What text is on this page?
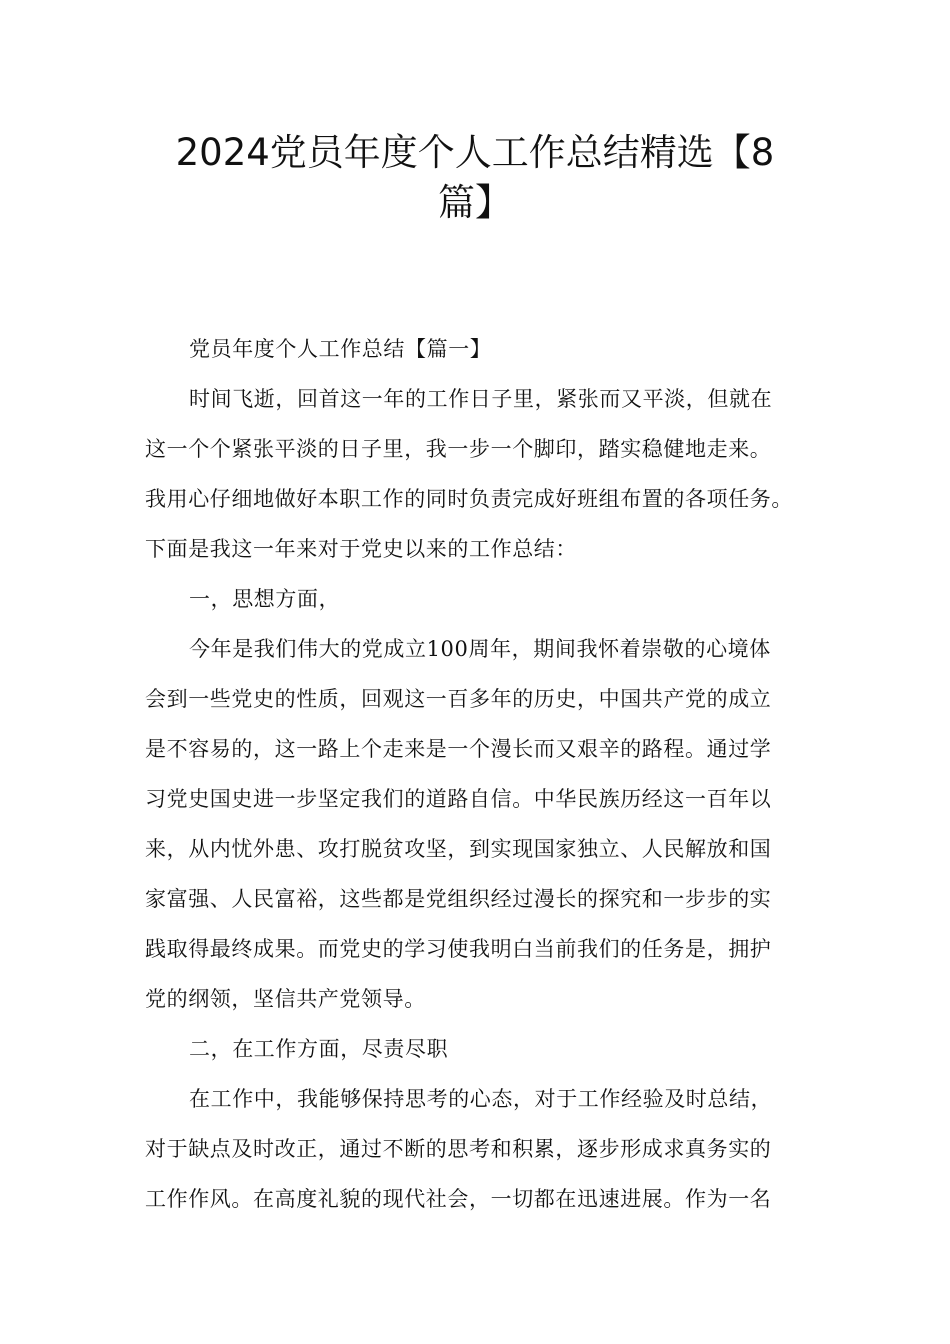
2024党员年度个人工作总结精选【8
篇】
党员年度个人工作总结【篇一】
时间飞逝，回首这一年的工作日子里，紧张而又平淡，但就在
这一个个紧张平淡的日子里，我一步一个脚印，踏实稳健地走来。
我用心仔细地做好本职工作的同时负责完成好班组布置的各项任务。
下面是我这一年来对于党史以来的工作总结：
一，思想方面，
今年是我们伟大的党成立100周年，期间我怀着崇敬的心境体
会到一些党史的性质，回观这一百多年的历史，中国共产党的成立
是不容易的，这一路上个走来是一个漫长而又艰辛的路程。通过学
习党史国史进一步坚定我们的道路自信。中华民族历经这一百年以
来，从内忧外患、攻打脱贫攻坚，到实现国家独立、人民解放和国
家富强、人民富裕，这些都是党组织经过漫长的探究和一步步的实
践取得最终成果。而党史的学习使我明白当前我们的任务是，拥护
党的纲领，坚信共产党领导。
二，在工作方面，尽责尽职
在工作中，我能够保持思考的心态，对于工作经验及时总结，
对于缺点及时改正，通过不断的思考和积累，逐步形成求真务实的
工作作风。在高度礼貌的现代社会，一切都在迅速进展。作为一名
